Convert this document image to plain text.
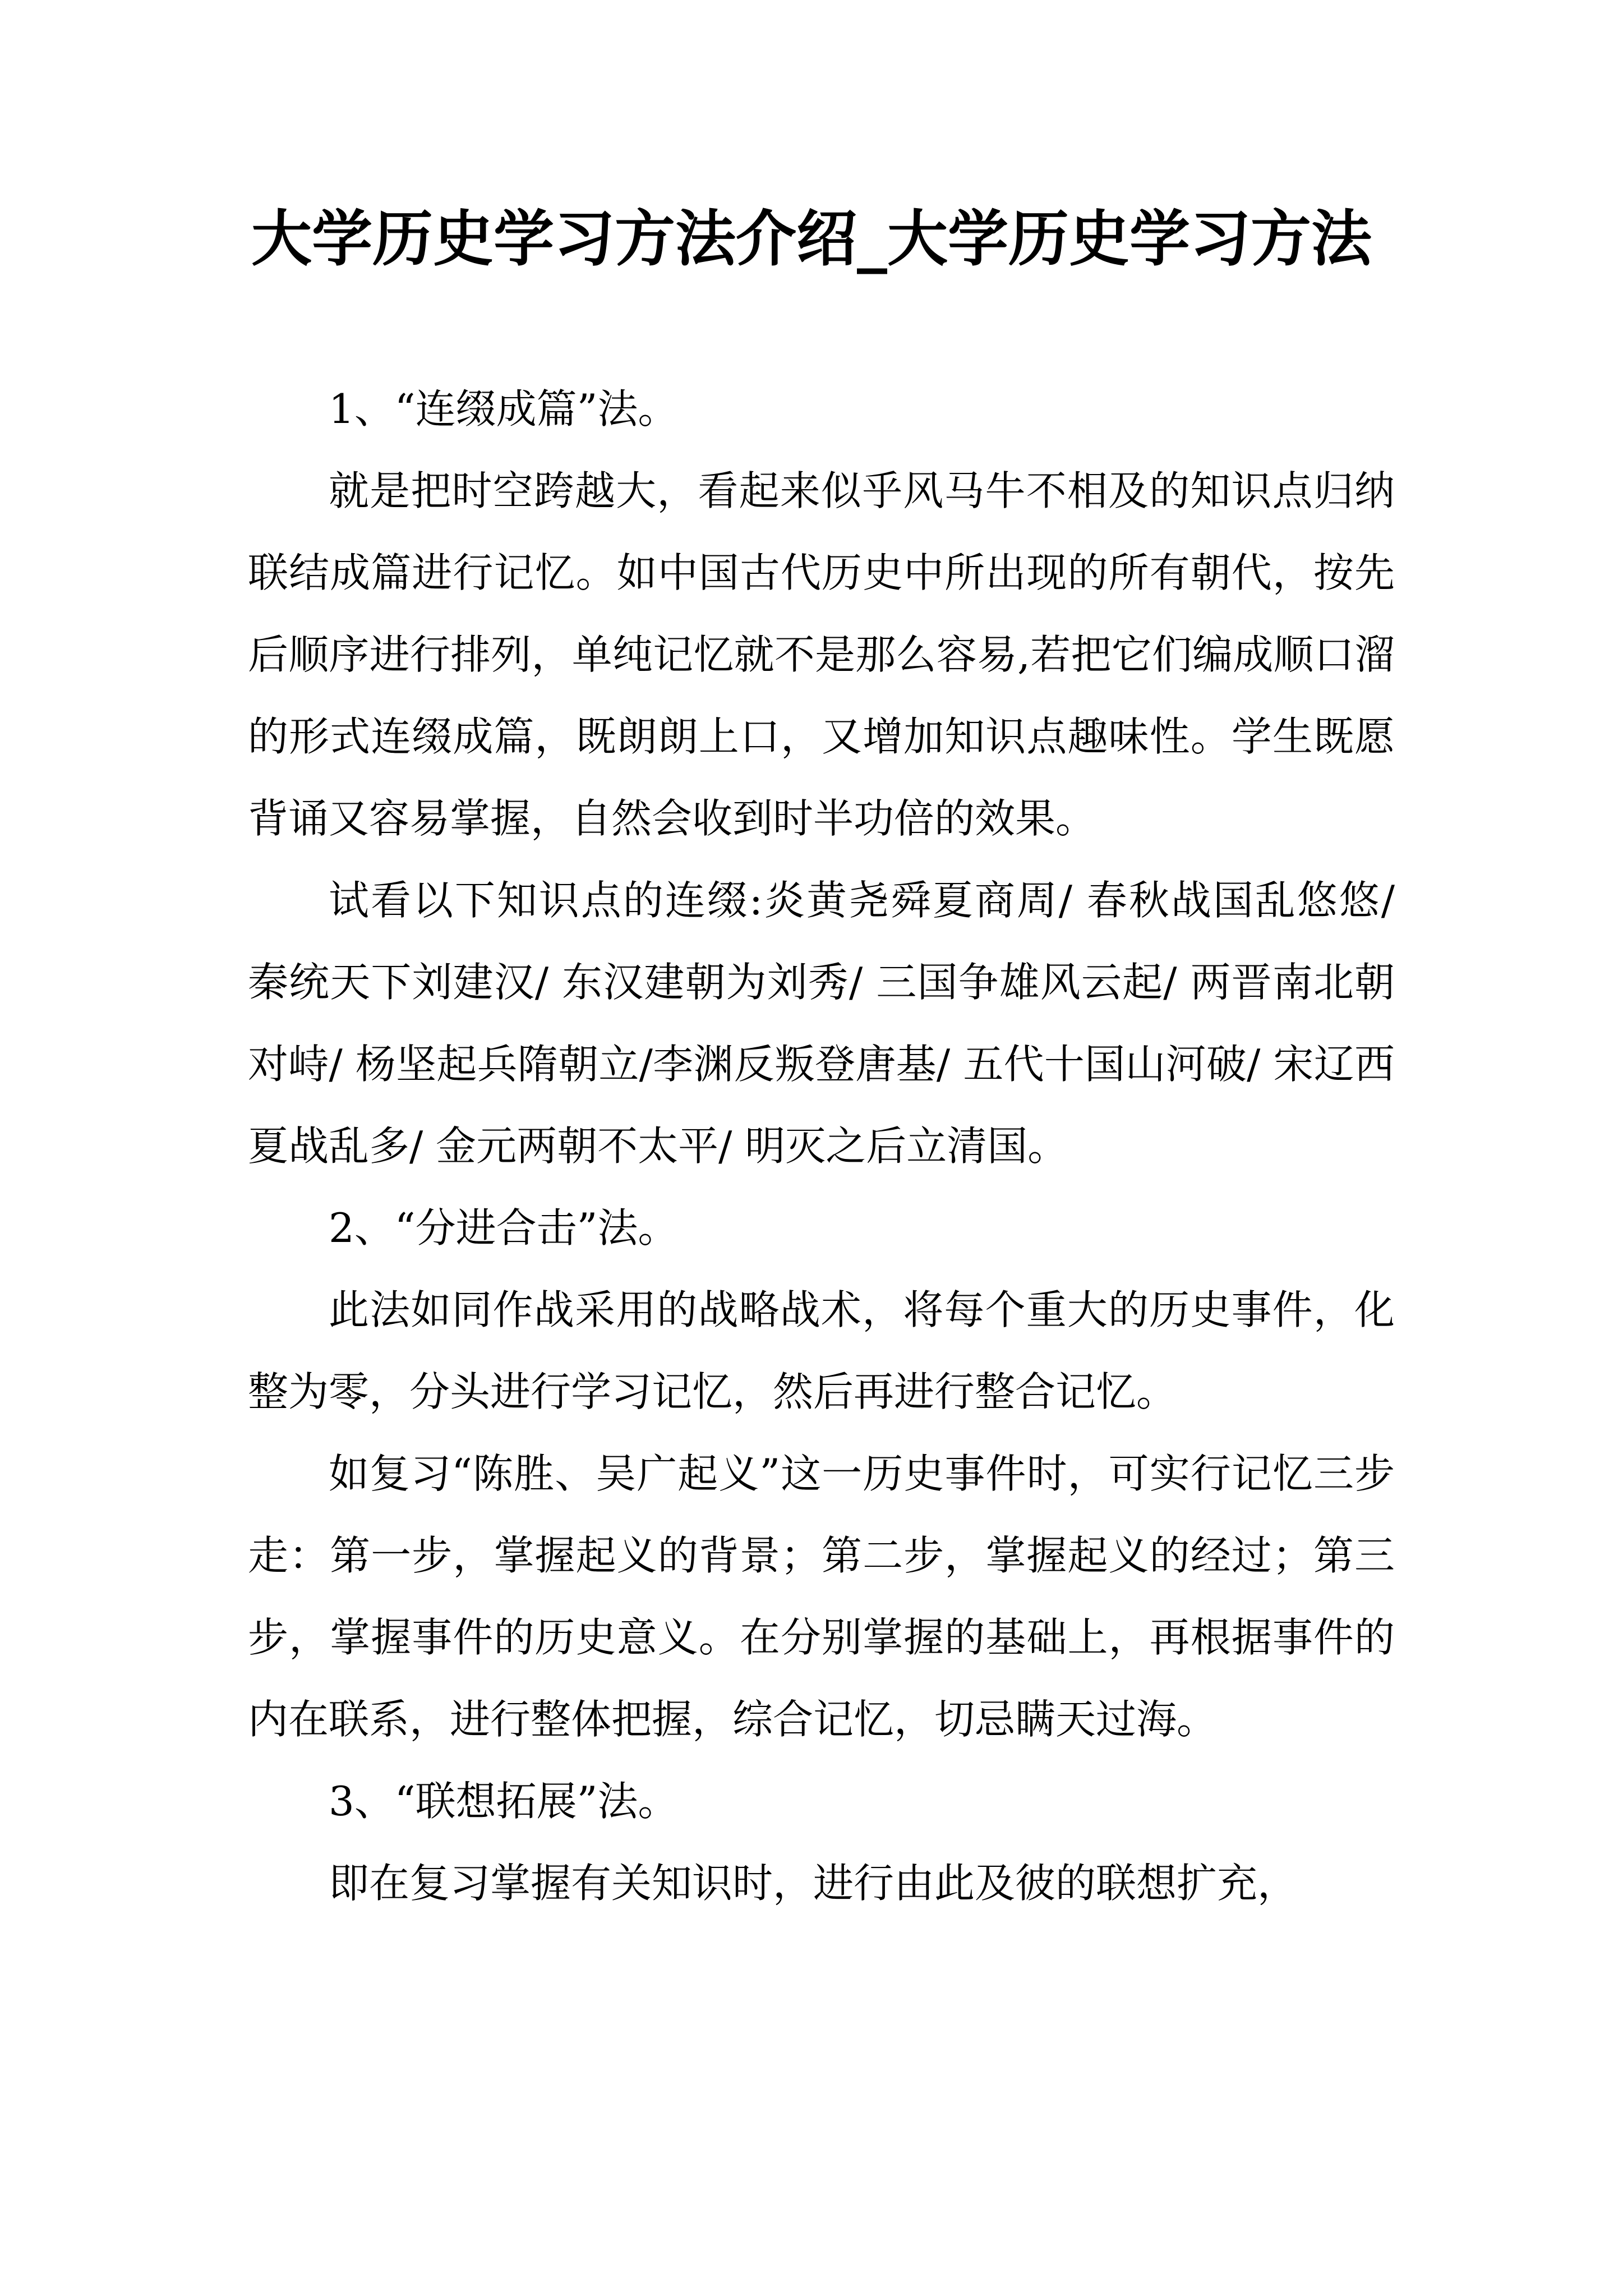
大学历史学习方法介绍_大学历史学习方法

1、“连缀成篇”法。

就是把时空跨越大，看起来似乎风马牛不相及的知识点归纳联结成篇进行记忆。如中国古代历史中所出现的所有朝代，按先后顺序进行排列，单纯记忆就不是那么容易,若把它们编成顺口溜的形式连缀成篇，既朗朗上口，又增加知识点趣味性。学生既愿背诵又容易掌握，自然会收到时半功倍的效果。

试看以下知识点的连缀:炎黄尧舜夏商周/ 春秋战国乱悠悠/ 秦统天下刘建汉/ 东汉建朝为刘秀/ 三国争雄风云起/ 两晋南北朝对峙/ 杨坚起兵隋朝立/李渊反叛登唐基/ 五代十国山河破/ 宋辽西夏战乱多/ 金元两朝不太平/ 明灭之后立清国。

2、“分进合击”法。

此法如同作战采用的战略战术，将每个重大的历史事件，化整为零，分头进行学习记忆，然后再进行整合记忆。

如复习“陈胜、吴广起义”这一历史事件时，可实行记忆三步走：第一步，掌握起义的背景；第二步，掌握起义的经过；第三步，掌握事件的历史意义。在分别掌握的基础上，再根据事件的内在联系，进行整体把握，综合记忆，切忌瞒天过海。

3、“联想拓展”法。

即在复习掌握有关知识时，进行由此及彼的联想扩充，
